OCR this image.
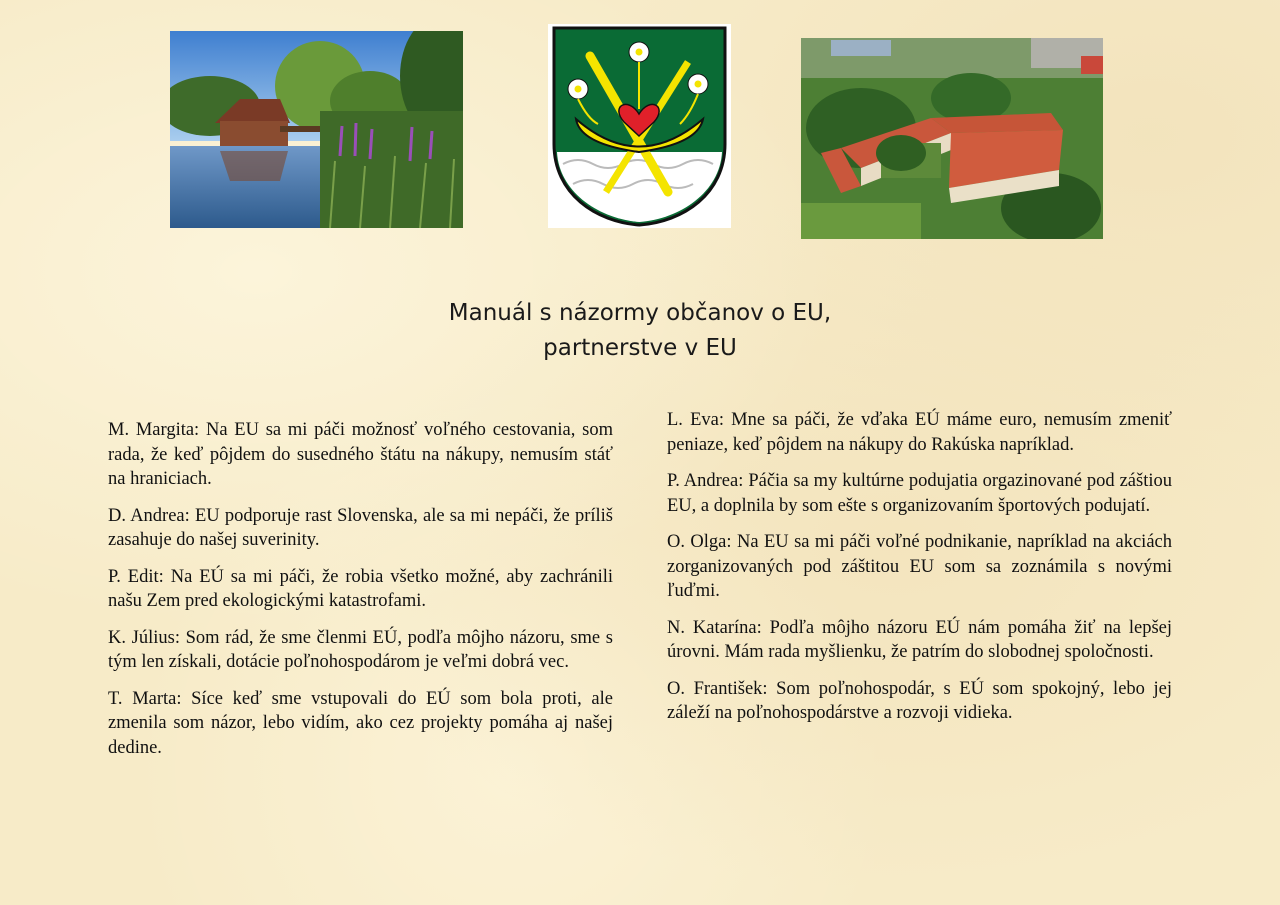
Manuál s názormy občanov o EU,
partnerstve v EU

M. Margita: Na EU sa mi páči možnosť voľného cestovania, som rada, že keď pôjdem do susedného štátu na nákupy, nemusím stáť na hraniciach.

D. Andrea: EU podporuje rast Slovenska, ale sa mi nepáči, že príliš zasahuje do našej suverinity.

P. Edit: Na EÚ sa mi páči, že robia všetko možné, aby zachránili našu Zem pred ekologickými katastrofami.

K. Július: Som rád, že sme členmi EÚ, podľa môjho názoru, sme s tým len získali, dotácie poľnohospodárom je veľmi dobrá vec.

T. Marta: Síce keď sme vstupovali do EÚ som bola proti, ale zmenila som názor, lebo vidím, ako cez projekty pomáha aj našej dedine.

L. Eva: Mne sa páči, že vďaka EÚ máme euro, nemusím zmeniť peniaze, keď pôjdem na nákupy do Rakúska napríklad.

P. Andrea: Páčia sa my kultúrne podujatia orgazinované pod záštiou EU, a doplnila by som ešte s organizovaním športových podujatí.

O. Olga: Na EU sa mi páči voľné podnikanie, napríklad na akciách zorganizovaných pod záštitou EU som sa zoznámila s novými ľuďmi.

N. Katarína: Podľa môjho názoru EÚ nám pomáha žiť na lepšej úrovni. Mám rada myšlienku, že patrím do slobodnej spoločnosti.

O. František: Som poľnohospodár, s EÚ som spokojný, lebo jej záleží na poľnohospodárstve a rozvoji vidieka.
